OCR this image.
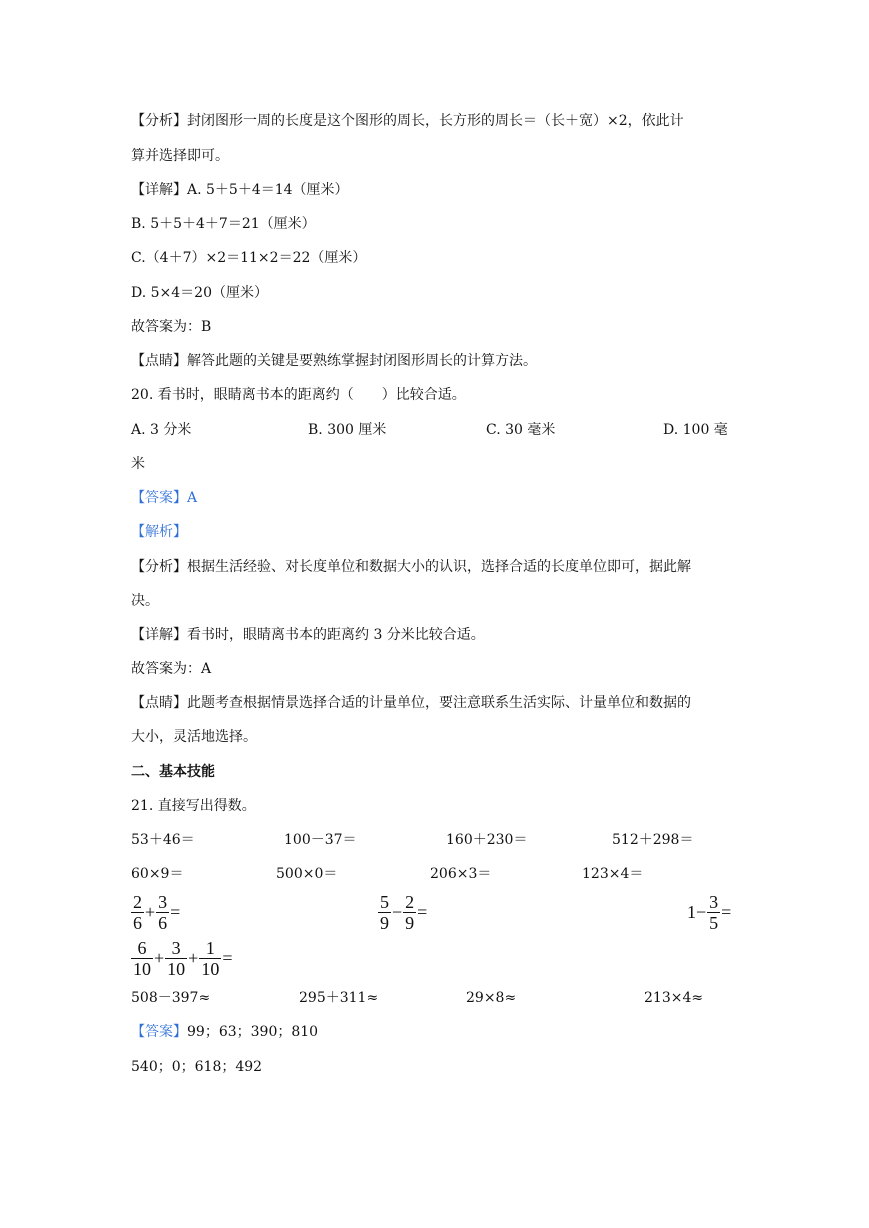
【分析】封闭图形一周的长度是这个图形的周长，长方形的周长＝（长＋宽）×2，依此计
算并选择即可。
【详解】A. 5＋5＋4＝14（厘米）
B. 5＋5＋4＋7＝21（厘米）
C.（4＋7）×2＝11×2＝22（厘米）
D. 5×4＝20（厘米）
故答案为：B
【点睛】解答此题的关键是要熟练掌握封闭图形周长的计算方法。
20. 看书时，眼睛离书本的距离约（　　）比较合适。
A. 3 分米	B. 300 厘米	C. 30 毫米	D. 100 毫
米
【答案】A
【解析】
【分析】根据生活经验、对长度单位和数据大小的认识，选择合适的长度单位即可，据此解
决。
【详解】看书时，眼睛离书本的距离约 3 分米比较合适。
故答案为：A
【点睛】此题考查根据情景选择合适的计量单位，要注意联系生活实际、计量单位和数据的
大小，灵活地选择。
二、基本技能
21. 直接写出得数。
53＋46＝	100－37＝	160＋230＝	512＋298＝
60×9＝	500×0＝	206×3＝	123×4＝
$\frac{2}{6} + \frac{3}{6}$ =	$\frac{5}{9} - \frac{2}{9}$ =	$1- \frac{3}{5}$ =
$\frac{6}{10} + \frac{3}{10} + \frac{1}{10}$ =
508－397≈	295＋311≈	29×8≈	213×4≈
【答案】99；63；390；810
540；0；618；492
